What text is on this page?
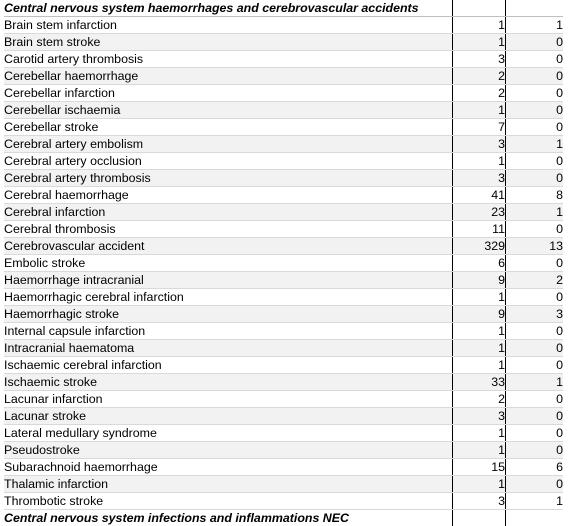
Central nervous system haemorrhages and cerebrovascular accidents		
Brain stem infarction	1	1
Brain stem stroke	1	0
Carotid artery thrombosis	3	0
Cerebellar haemorrhage	2	0
Cerebellar infarction	2	0
Cerebellar ischaemia	1	0
Cerebellar stroke	7	0
Cerebral artery embolism	3	1
Cerebral artery occlusion	1	0
Cerebral artery thrombosis	3	0
Cerebral haemorrhage	41	8
Cerebral infarction	23	1
Cerebral thrombosis	11	0
Cerebrovascular accident	329	13
Embolic stroke	6	0
Haemorrhage intracranial	9	2
Haemorrhagic cerebral infarction	1	0
Haemorrhagic stroke	9	3
Internal capsule infarction	1	0
Intracranial haematoma	1	0
Ischaemic cerebral infarction	1	0
Ischaemic stroke	33	1
Lacunar infarction	2	0
Lacunar stroke	3	0
Lateral medullary syndrome	1	0
Pseudostroke	1	0
Subarachnoid haemorrhage	15	6
Thalamic infarction	1	0
Thrombotic stroke	3	1
Central nervous system infections and inflammations NEC		
